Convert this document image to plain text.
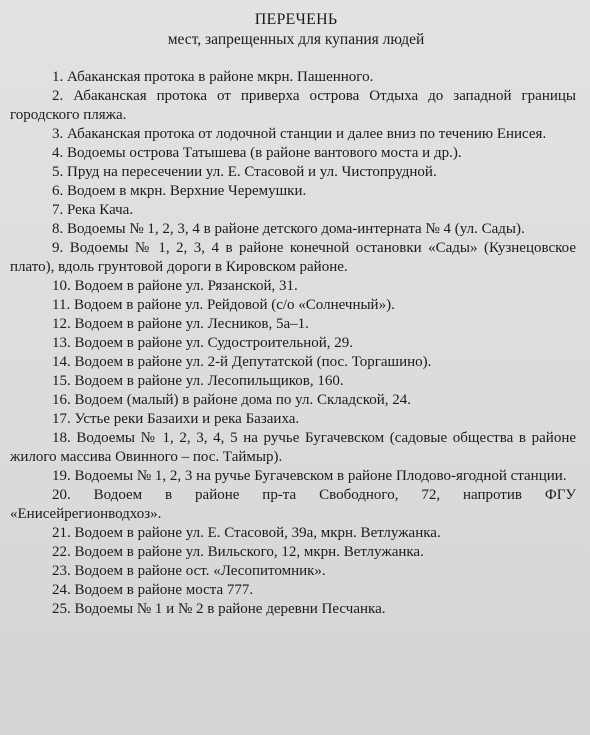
ПЕРЕЧЕНЬ
мест, запрещенных для купания людей

1. Абаканская протока в районе мкрн. Пашенного.

2. Абаканская протока от приверха острова Отдыха до западной границы городского пляжа.

3. Абаканская протока от лодочной станции и далее вниз по течению Енисея.

4. Водоемы острова Татышева (в районе вантового моста и др.).

5. Пруд на пересечении ул. Е. Стасовой и ул. Чистопрудной.

6. Водоем в мкрн. Верхние Черемушки.

7. Река Кача.

8. Водоемы № 1, 2, 3, 4 в районе детского дома-интерната № 4 (ул. Сады).

9. Водоемы № 1, 2, 3, 4 в районе конечной остановки «Сады» (Кузнецовское плато), вдоль грунтовой дороги в Кировском районе.

10. Водоем в районе ул. Рязанской, 31.

11. Водоем в районе ул. Рейдовой (с/о «Солнечный»).

12. Водоем в районе ул. Лесников, 5а–1.

13. Водоем в районе ул. Судостроительной, 29.

14. Водоем в районе ул. 2-й Депутатской (пос. Торгашино).

15. Водоем в районе ул. Лесопильщиков, 160.

16. Водоем (малый) в районе дома по ул. Складской, 24.

17. Устье реки Базаихи и река Базаиха.

18. Водоемы № 1, 2, 3, 4, 5 на ручье Бугачевском (садовые общества в районе жилого массива Овинного – пос. Таймыр).

19. Водоемы № 1, 2, 3 на ручье Бугачевском в районе Плодово-ягодной станции.

20. Водоем в районе пр-та Свободного, 72, напротив ФГУ «Енисейрегионводхоз».

21. Водоем в районе ул. Е. Стасовой, 39а, мкрн. Ветлужанка.

22. Водоем в районе ул. Вильского, 12, мкрн. Ветлужанка.

23. Водоем в районе ост. «Лесопитомник».

24. Водоем в районе моста 777.

25. Водоемы № 1 и № 2 в районе деревни Песчанка.
